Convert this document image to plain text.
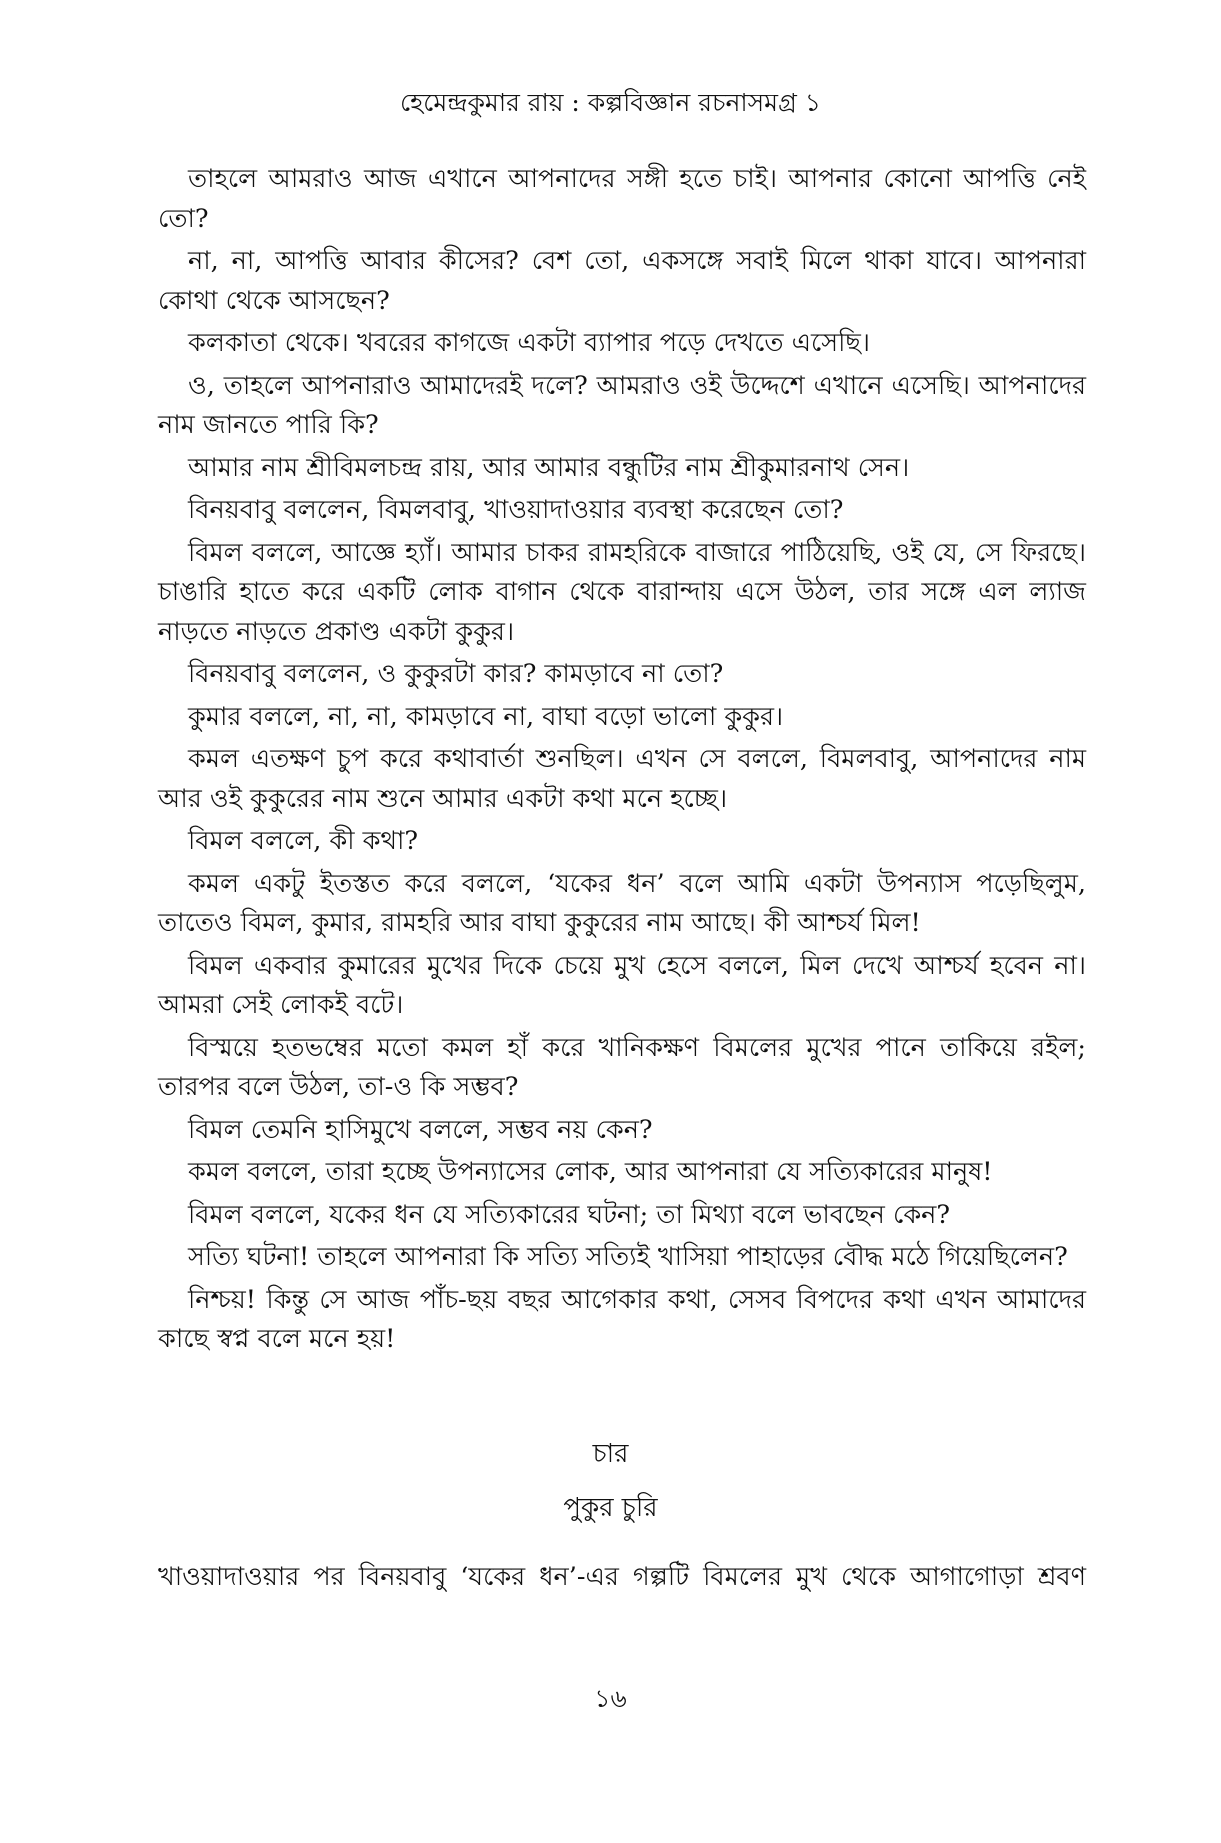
হেমেন্দ্রকুমার রায় : কল্পবিজ্ঞান রচনাসমগ্র ১

তাহলে আমরাও আজ এখানে আপনাদের সঙ্গী হতে চাই। আপনার কোনো আপত্তি নেই তো?

না, না, আপত্তি আবার কীসের? বেশ তো, একসঙ্গে সবাই মিলে থাকা যাবে। আপনারা কোথা থেকে আসছেন?

কলকাতা থেকে। খবরের কাগজে একটা ব্যাপার পড়ে দেখতে এসেছি।

ও, তাহলে আপনারাও আমাদেরই দলে? আমরাও ওই উদ্দেশে এখানে এসেছি। আপনাদের নাম জানতে পারি কি?

আমার নাম শ্রীবিমলচন্দ্র রায়, আর আমার বন্ধুটির নাম শ্রীকুমারনাথ সেন।

বিনয়বাবু বললেন, বিমলবাবু, খাওয়াদাওয়ার ব্যবস্থা করেছেন তো?

বিমল বললে, আজ্ঞে হ্যাঁ। আমার চাকর রামহরিকে বাজারে পাঠিয়েছি, ওই যে, সে ফিরছে। চাঙারি হাতে করে একটি লোক বাগান থেকে বারান্দায় এসে উঠল, তার সঙ্গে এল ল্যাজ নাড়তে নাড়তে প্রকাণ্ড একটা কুকুর।

বিনয়বাবু বললেন, ও কুকুরটা কার? কামড়াবে না তো?

কুমার বললে, না, না, কামড়াবে না, বাঘা বড়ো ভালো কুকুর।

কমল এতক্ষণ চুপ করে কথাবার্তা শুনছিল। এখন সে বললে, বিমলবাবু, আপনাদের নাম আর ওই কুকুরের নাম শুনে আমার একটা কথা মনে হচ্ছে।

বিমল বললে, কী কথা?

কমল একটু ইতস্তত করে বললে, ‘যকের ধন’ বলে আমি একটা উপন্যাস পড়েছিলুম, তাতেও বিমল, কুমার, রামহরি আর বাঘা কুকুরের নাম আছে। কী আশ্চর্য মিল!

বিমল একবার কুমারের মুখের দিকে চেয়ে মুখ হেসে বললে, মিল দেখে আশ্চর্য হবেন না। আমরা সেই লোকই বটে।

বিস্ময়ে হতভম্বের মতো কমল হাঁ করে খানিকক্ষণ বিমলের মুখের পানে তাকিয়ে রইল; তারপর বলে উঠল, তা-ও কি সম্ভব?

বিমল তেমনি হাসিমুখে বললে, সম্ভব নয় কেন?

কমল বললে, তারা হচ্ছে উপন্যাসের লোক, আর আপনারা যে সত্যিকারের মানুষ!

বিমল বললে, যকের ধন যে সত্যিকারের ঘটনা; তা মিথ্যা বলে ভাবছেন কেন?

সত্যি ঘটনা! তাহলে আপনারা কি সত্যি সত্যিই খাসিয়া পাহাড়ের বৌদ্ধ মঠে গিয়েছিলেন?

নিশ্চয়! কিন্তু সে আজ পাঁচ-ছয় বছর আগেকার কথা, সেসব বিপদের কথা এখন আমাদের কাছে স্বপ্ন বলে মনে হয়!

চার
পুকুর চুরি

খাওয়াদাওয়ার পর বিনয়বাবু ‘যকের ধন’-এর গল্পটি বিমলের মুখ থেকে আগাগোড়া শ্রবণ

১৬
